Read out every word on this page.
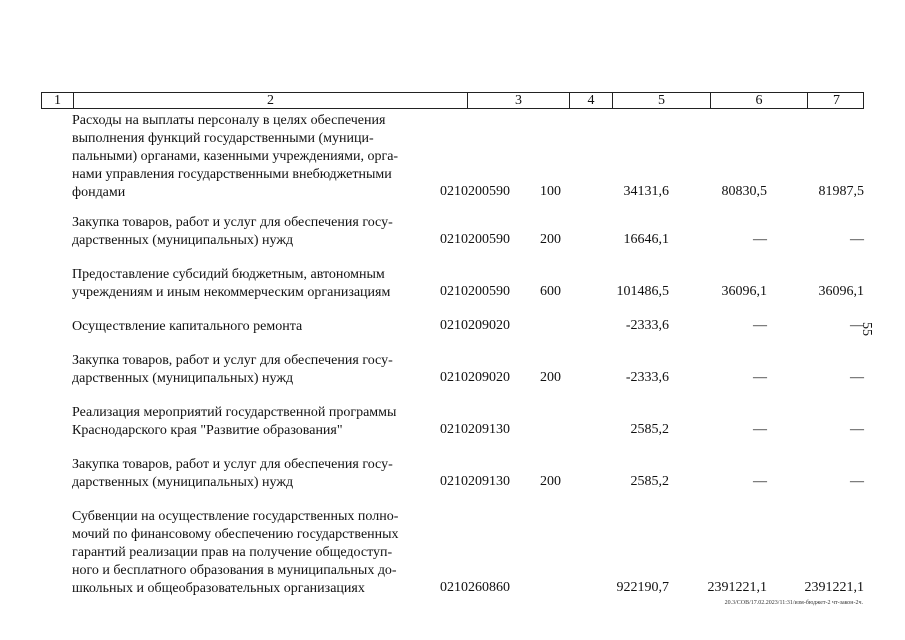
1	2	3	4	5	6	7
Расходы на выплаты персоналу в целях обеспечения
выполнения функций государственными (муници-
пальными) органами, казенными учреждениями, орга-
нами управления государственными внебюджетными
фондами	0210200590 100	34131,6	80830,5	81987,5
Закупка товаров, работ и услуг для обеспечения госу-
дарственных (муниципальных) нужд	0210200590 200	16646,1	—	—
Предоставление субсидий бюджетным, автономным
учреждениям и иным некоммерческим организациям	0210200590 600	101486,5	36096,1	36096,1
Осуществление капитального ремонта	0210209020	-2333,6	—	—
Закупка товаров, работ и услуг для обеспечения госу-
дарственных (муниципальных) нужд	0210209020 200	-2333,6	—	—
Реализация мероприятий государственной программы
Краснодарского края "Развитие образования"	0210209130	2585,2	—	—
Закупка товаров, работ и услуг для обеспечения госу-
дарственных (муниципальных) нужд	0210209130 200	2585,2	—	—
Субвенции на осуществление государственных полно-
мочий по финансовому обеспечению государственных
гарантий реализации прав на получение общедоступ-
ного и бесплатного образования в муниципальных до-
школьных и общеобразовательных организациях	0210260860	922190,7	2391221,1	2391221,1
55
20.3/СОВ/17.02.2023/11:31/изм-бюджет-2 чт-закон-2ч.
